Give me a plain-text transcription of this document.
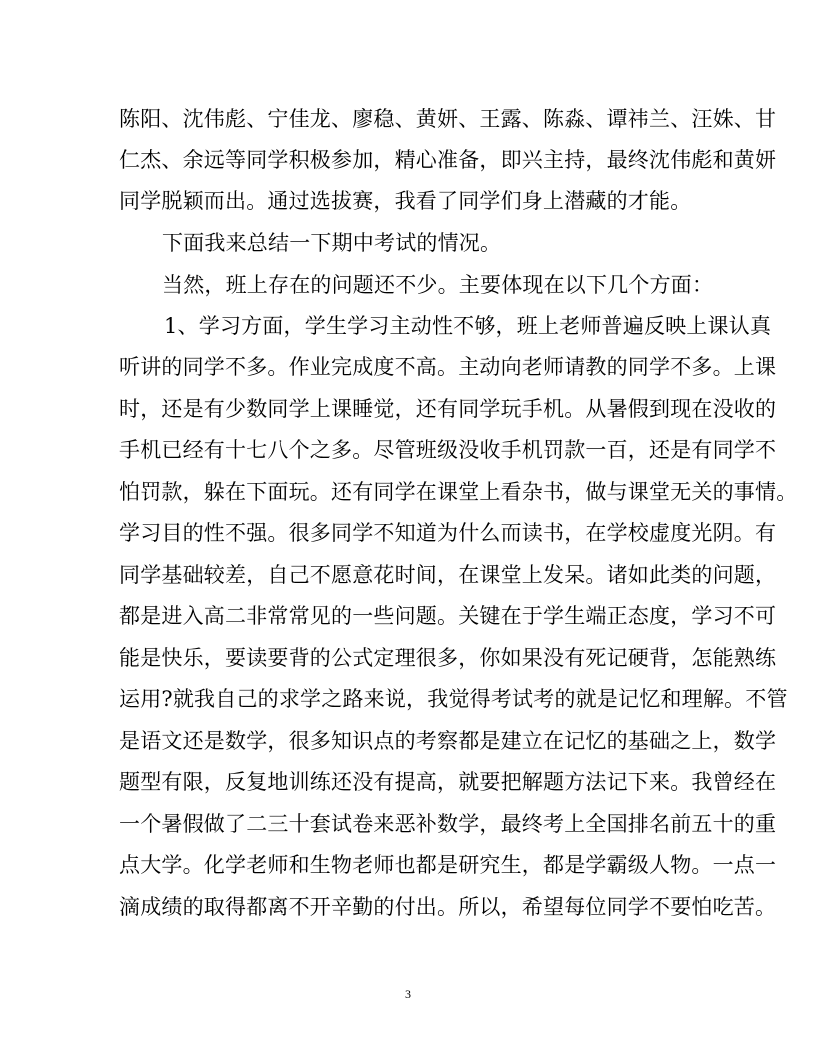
陈阳、沈伟彪、宁佳龙、廖稳、黄妍、王露、陈淼、谭祎兰、汪姝、甘
仁杰、余远等同学积极参加，精心准备，即兴主持，最终沈伟彪和黄妍
同学脱颖而出。通过选拔赛，我看了同学们身上潜藏的才能。
下面我来总结一下期中考试的情况。
当然，班上存在的问题还不少。主要体现在以下几个方面：
1、学习方面，学生学习主动性不够，班上老师普遍反映上课认真
听讲的同学不多。作业完成度不高。主动向老师请教的同学不多。上课
时，还是有少数同学上课睡觉，还有同学玩手机。从暑假到现在没收的
手机已经有十七八个之多。尽管班级没收手机罚款一百，还是有同学不
怕罚款，躲在下面玩。还有同学在课堂上看杂书，做与课堂无关的事情。
学习目的性不强。很多同学不知道为什么而读书，在学校虚度光阴。有
同学基础较差，自己不愿意花时间，在课堂上发呆。诸如此类的问题，
都是进入高二非常常见的一些问题。关键在于学生端正态度，学习不可
能是快乐，要读要背的公式定理很多，你如果没有死记硬背，怎能熟练
运用?就我自己的求学之路来说，我觉得考试考的就是记忆和理解。不管
是语文还是数学，很多知识点的考察都是建立在记忆的基础之上，数学
题型有限，反复地训练还没有提高，就要把解题方法记下来。我曾经在
一个暑假做了二三十套试卷来恶补数学，最终考上全国排名前五十的重
点大学。化学老师和生物老师也都是研究生，都是学霸级人物。一点一
滴成绩的取得都离不开辛勤的付出。所以，希望每位同学不要怕吃苦。
3
